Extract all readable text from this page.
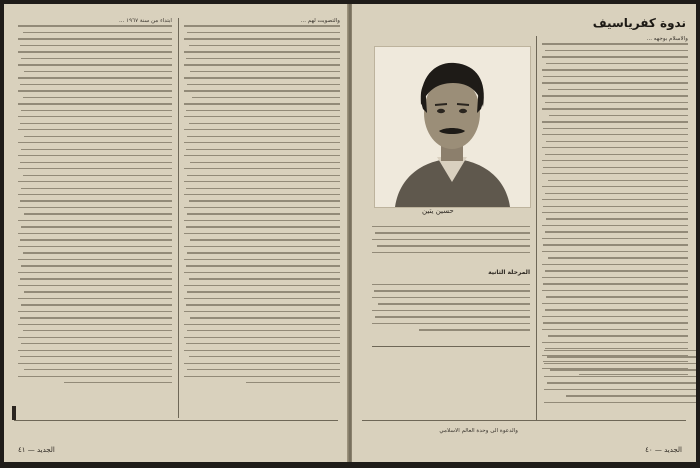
والتصويت لهم ...

ابتداء من سنة ١٩٦٧ ...

الجديد — ٤١
ندوة كفرياسيف
حسين يتين
المرحلة الثانية

والاسلام بوجهه ...

والدعوة الى وحدة العالم الاسلامي

الجديد — ٤٠
